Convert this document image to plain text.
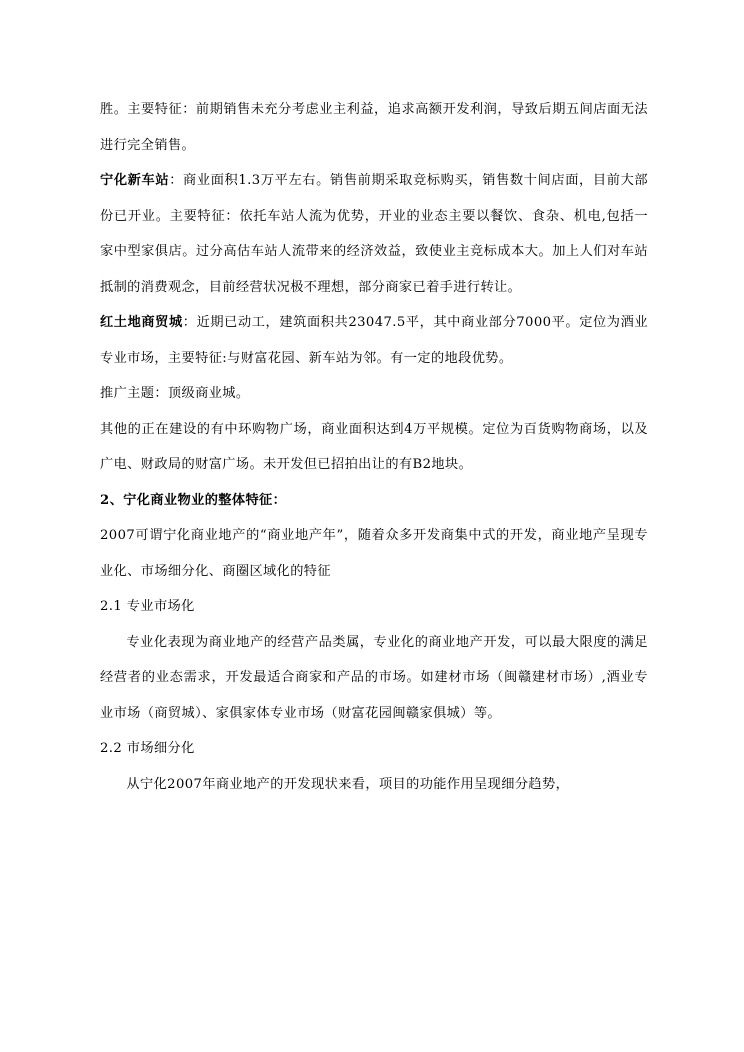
胜。主要特征：前期销售未充分考虑业主利益，追求高额开发利润，导致后期五间店面无法进行完全销售。

宁化新车站：商业面积1.3万平左右。销售前期采取竞标购买，销售数十间店面，目前大部份已开业。主要特征：依托车站人流为优势，开业的业态主要以餐饮、食杂、机电,包括一家中型家俱店。过分高估车站人流带来的经济效益，致使业主竞标成本大。加上人们对车站抵制的消费观念，目前经营状况极不理想，部分商家已着手进行转让。

红土地商贸城：近期已动工，建筑面积共23047.5平，其中商业部分7000平。定位为酒业专业市场，主要特征:与财富花园、新车站为邻。有一定的地段优势。

推广主题：顶级商业城。

其他的正在建设的有中环购物广场，商业面积达到4万平规模。定位为百货购物商场，以及广电、财政局的财富广场。未开发但已招拍出让的有B2地块。

2、宁化商业物业的整体特征：

2007可谓宁化商业地产的“商业地产年”，随着众多开发商集中式的开发，商业地产呈现专业化、市场细分化、商圈区域化的特征

2.1 专业市场化

专业化表现为商业地产的经营产品类属，专业化的商业地产开发，可以最大限度的满足经营者的业态需求，开发最适合商家和产品的市场。如建材市场（闽赣建材市场）,酒业专业市场（商贸城）、家俱家体专业市场（财富花园闽赣家俱城）等。

2.2 市场细分化

从宁化2007年商业地产的开发现状来看，项目的功能作用呈现细分趋势，
